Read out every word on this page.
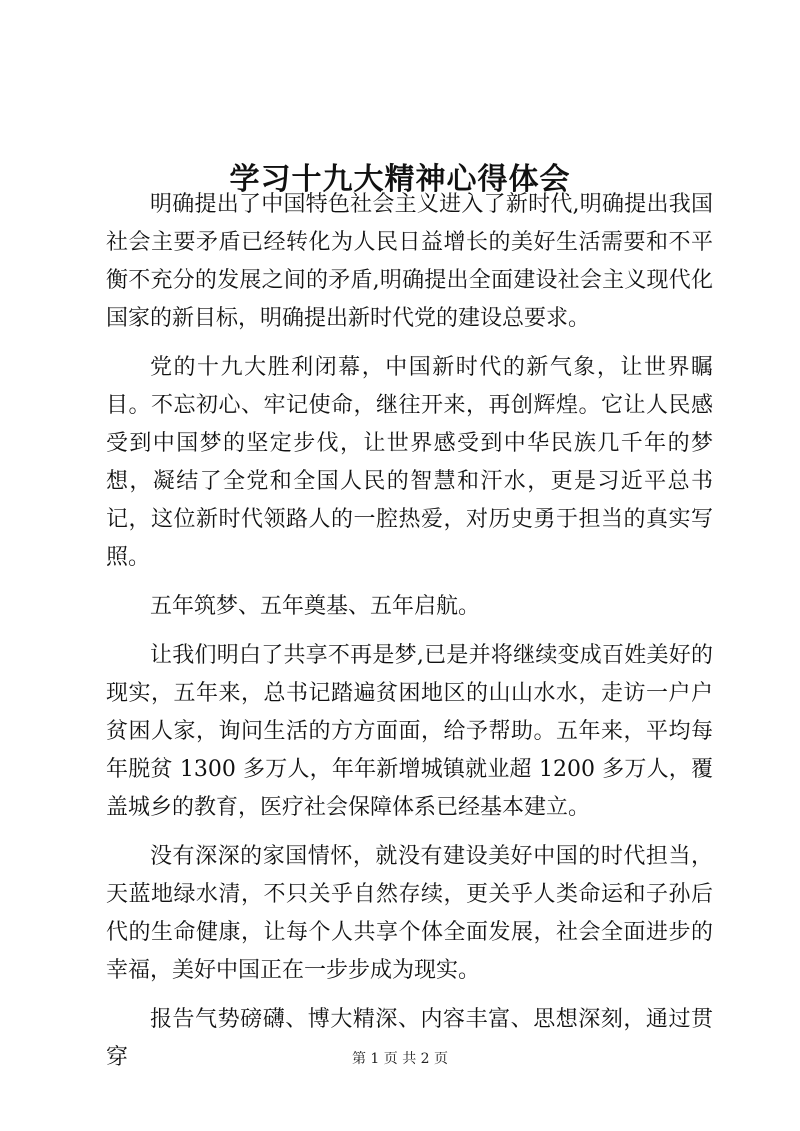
学习十九大精神心得体会

明确提出了中国特色社会主义进入了新时代,明确提出我国社会主要矛盾已经转化为人民日益增长的美好生活需要和不平衡不充分的发展之间的矛盾,明确提出全面建设社会主义现代化国家的新目标，明确提出新时代党的建设总要求。

党的十九大胜利闭幕，中国新时代的新气象，让世界瞩目。不忘初心、牢记使命，继往开来，再创辉煌。它让人民感受到中国梦的坚定步伐，让世界感受到中华民族几千年的梦想，凝结了全党和全国人民的智慧和汗水，更是习近平总书记，这位新时代领路人的一腔热爱，对历史勇于担当的真实写照。

五年筑梦、五年奠基、五年启航。

让我们明白了共享不再是梦,已是并将继续变成百姓美好的现实，五年来，总书记踏遍贫困地区的山山水水，走访一户户贫困人家，询问生活的方方面面，给予帮助。五年来，平均每年脱贫 1300 多万人，年年新增城镇就业超 1200 多万人，覆盖城乡的教育，医疗社会保障体系已经基本建立。

没有深深的家国情怀，就没有建设美好中国的时代担当，天蓝地绿水清，不只关乎自然存续，更关乎人类命运和子孙后代的生命健康，让每个人共享个体全面发展，社会全面进步的幸福，美好中国正在一步步成为现实。

报告气势磅礴、博大精深、内容丰富、思想深刻，通过贯穿	第 1 页 共 2 页
